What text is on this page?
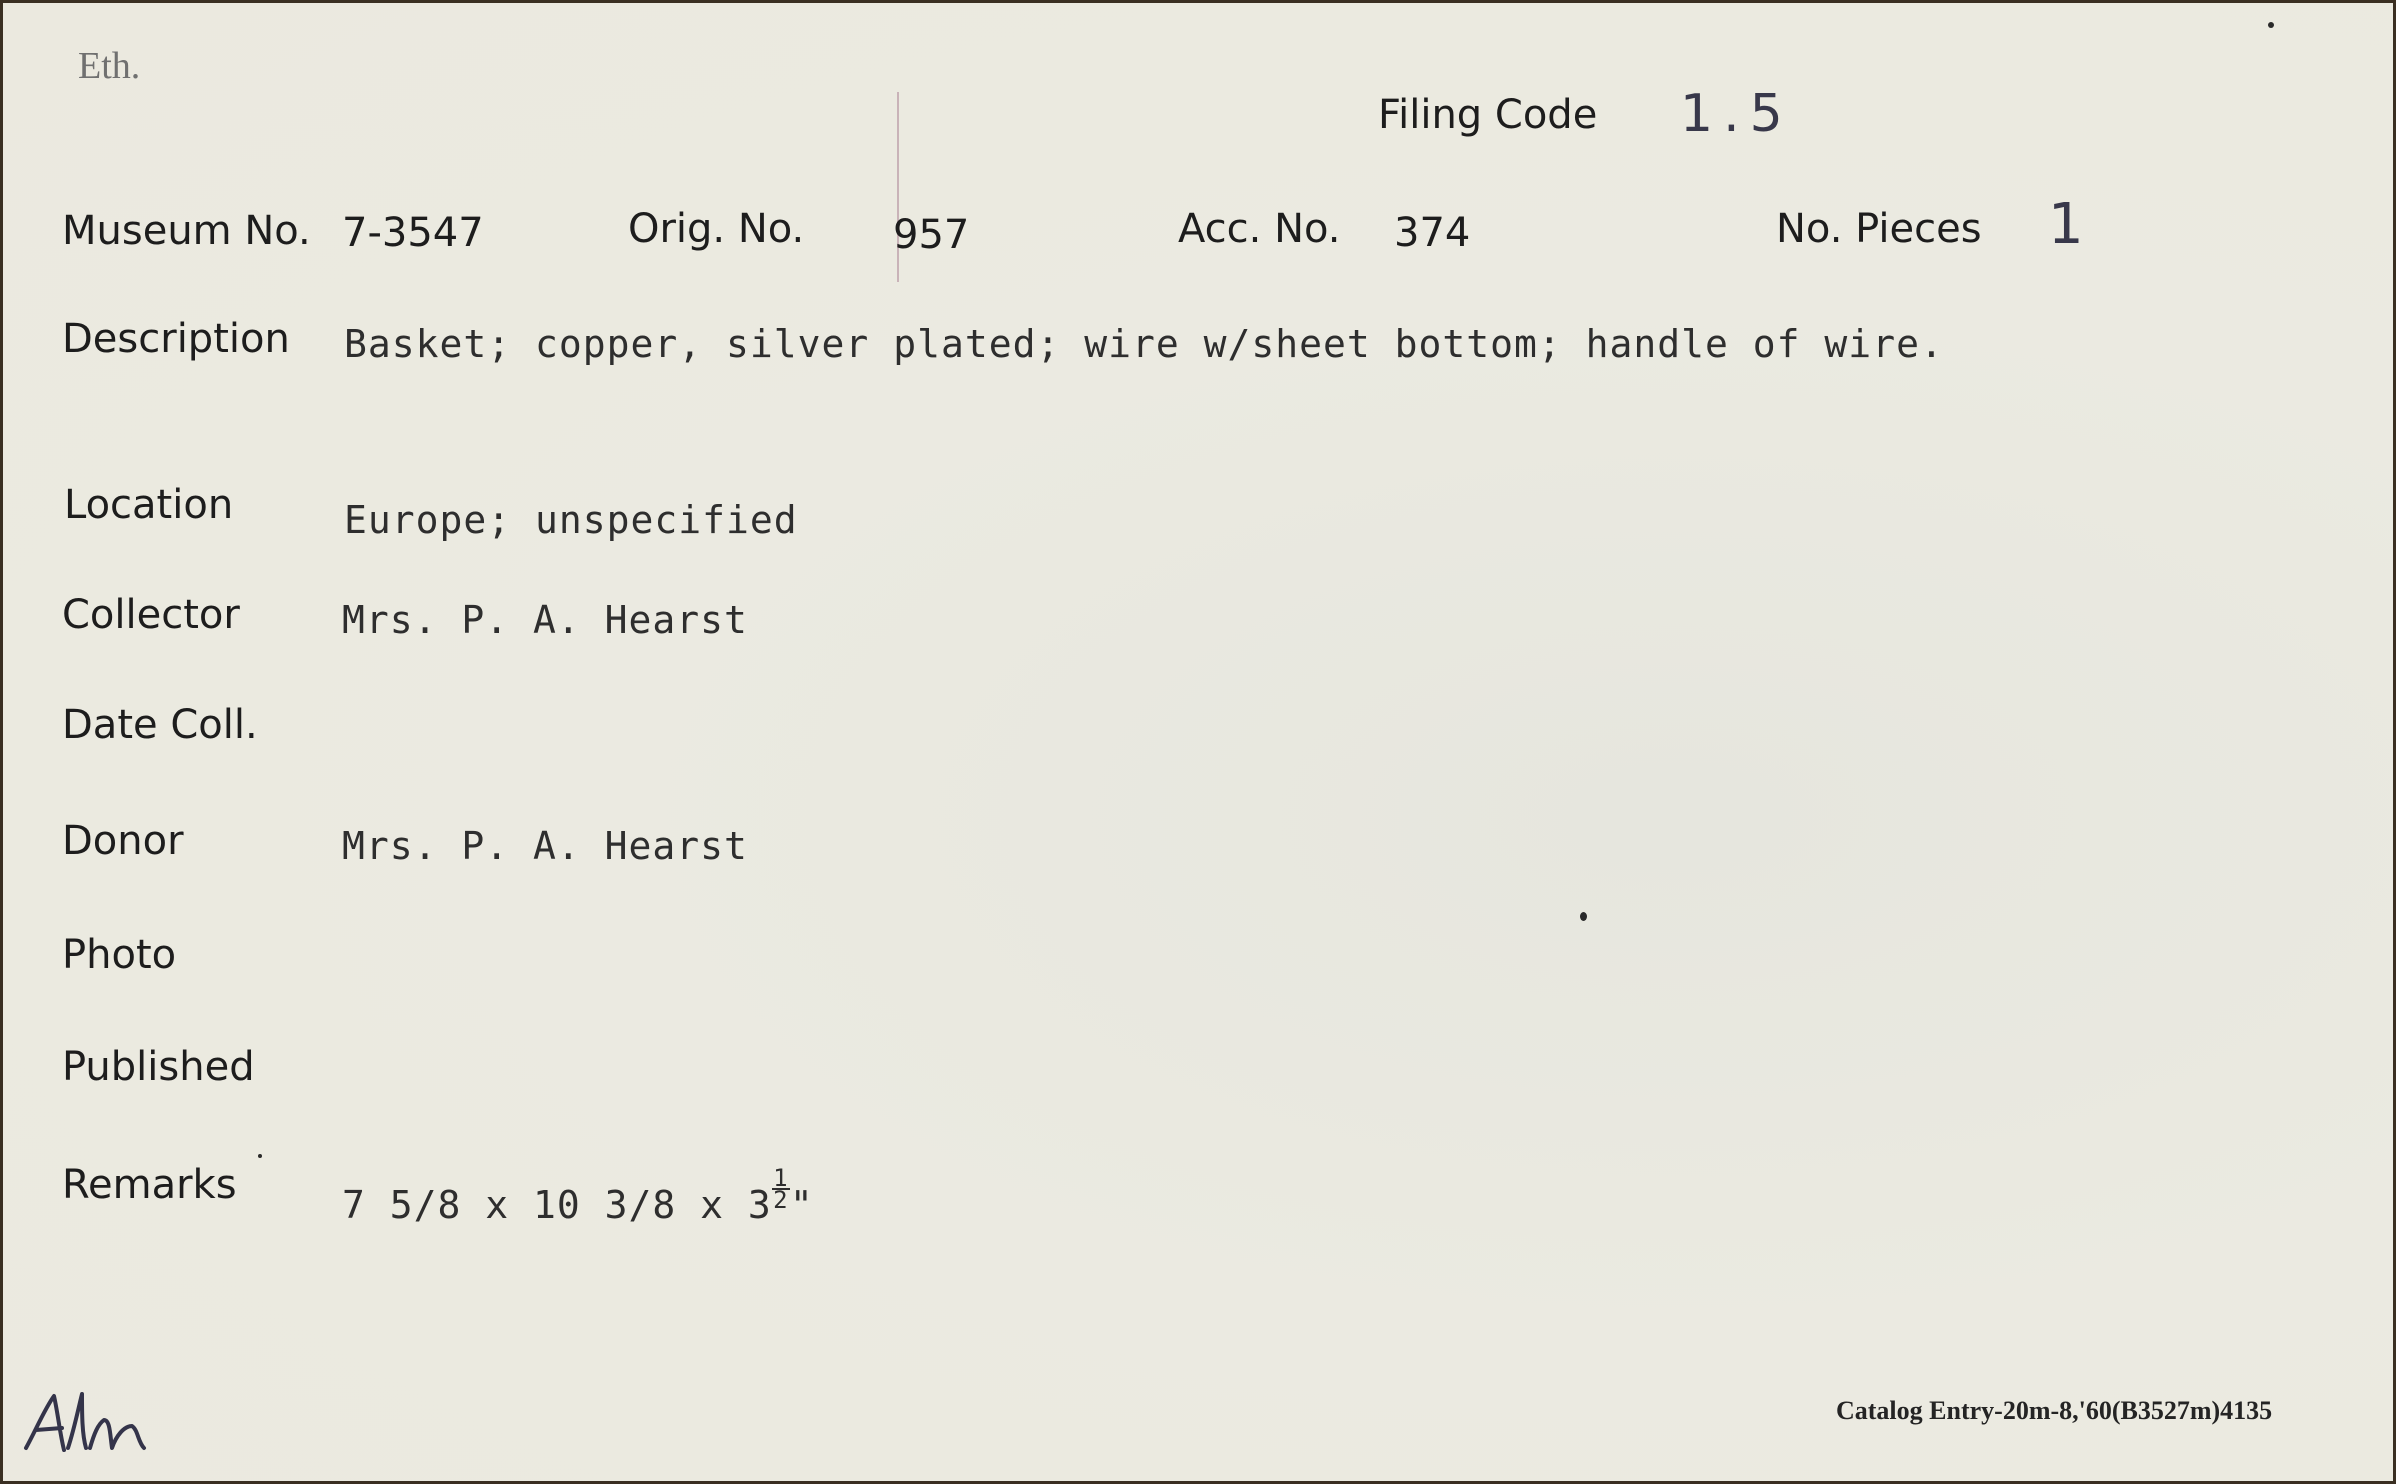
Eth.
Filing Code 1.5
Museum No. 7-3547	Orig. No. 957	Acc. No. 374	No. Pieces 1
Description Basket; copper, silver plated; wire w/sheet bottom; handle of wire.
Location	Europe; unspecified
Collector	Mrs. P. A. Hearst
Date Coll.
Donor	Mrs. P. A. Hearst
Photo
Published
Remarks	7 5/8 x 10 3/8 x $3 \frac{1}{2}$ "
Catalog Entry-20m-8,'60(B3527m)4135
